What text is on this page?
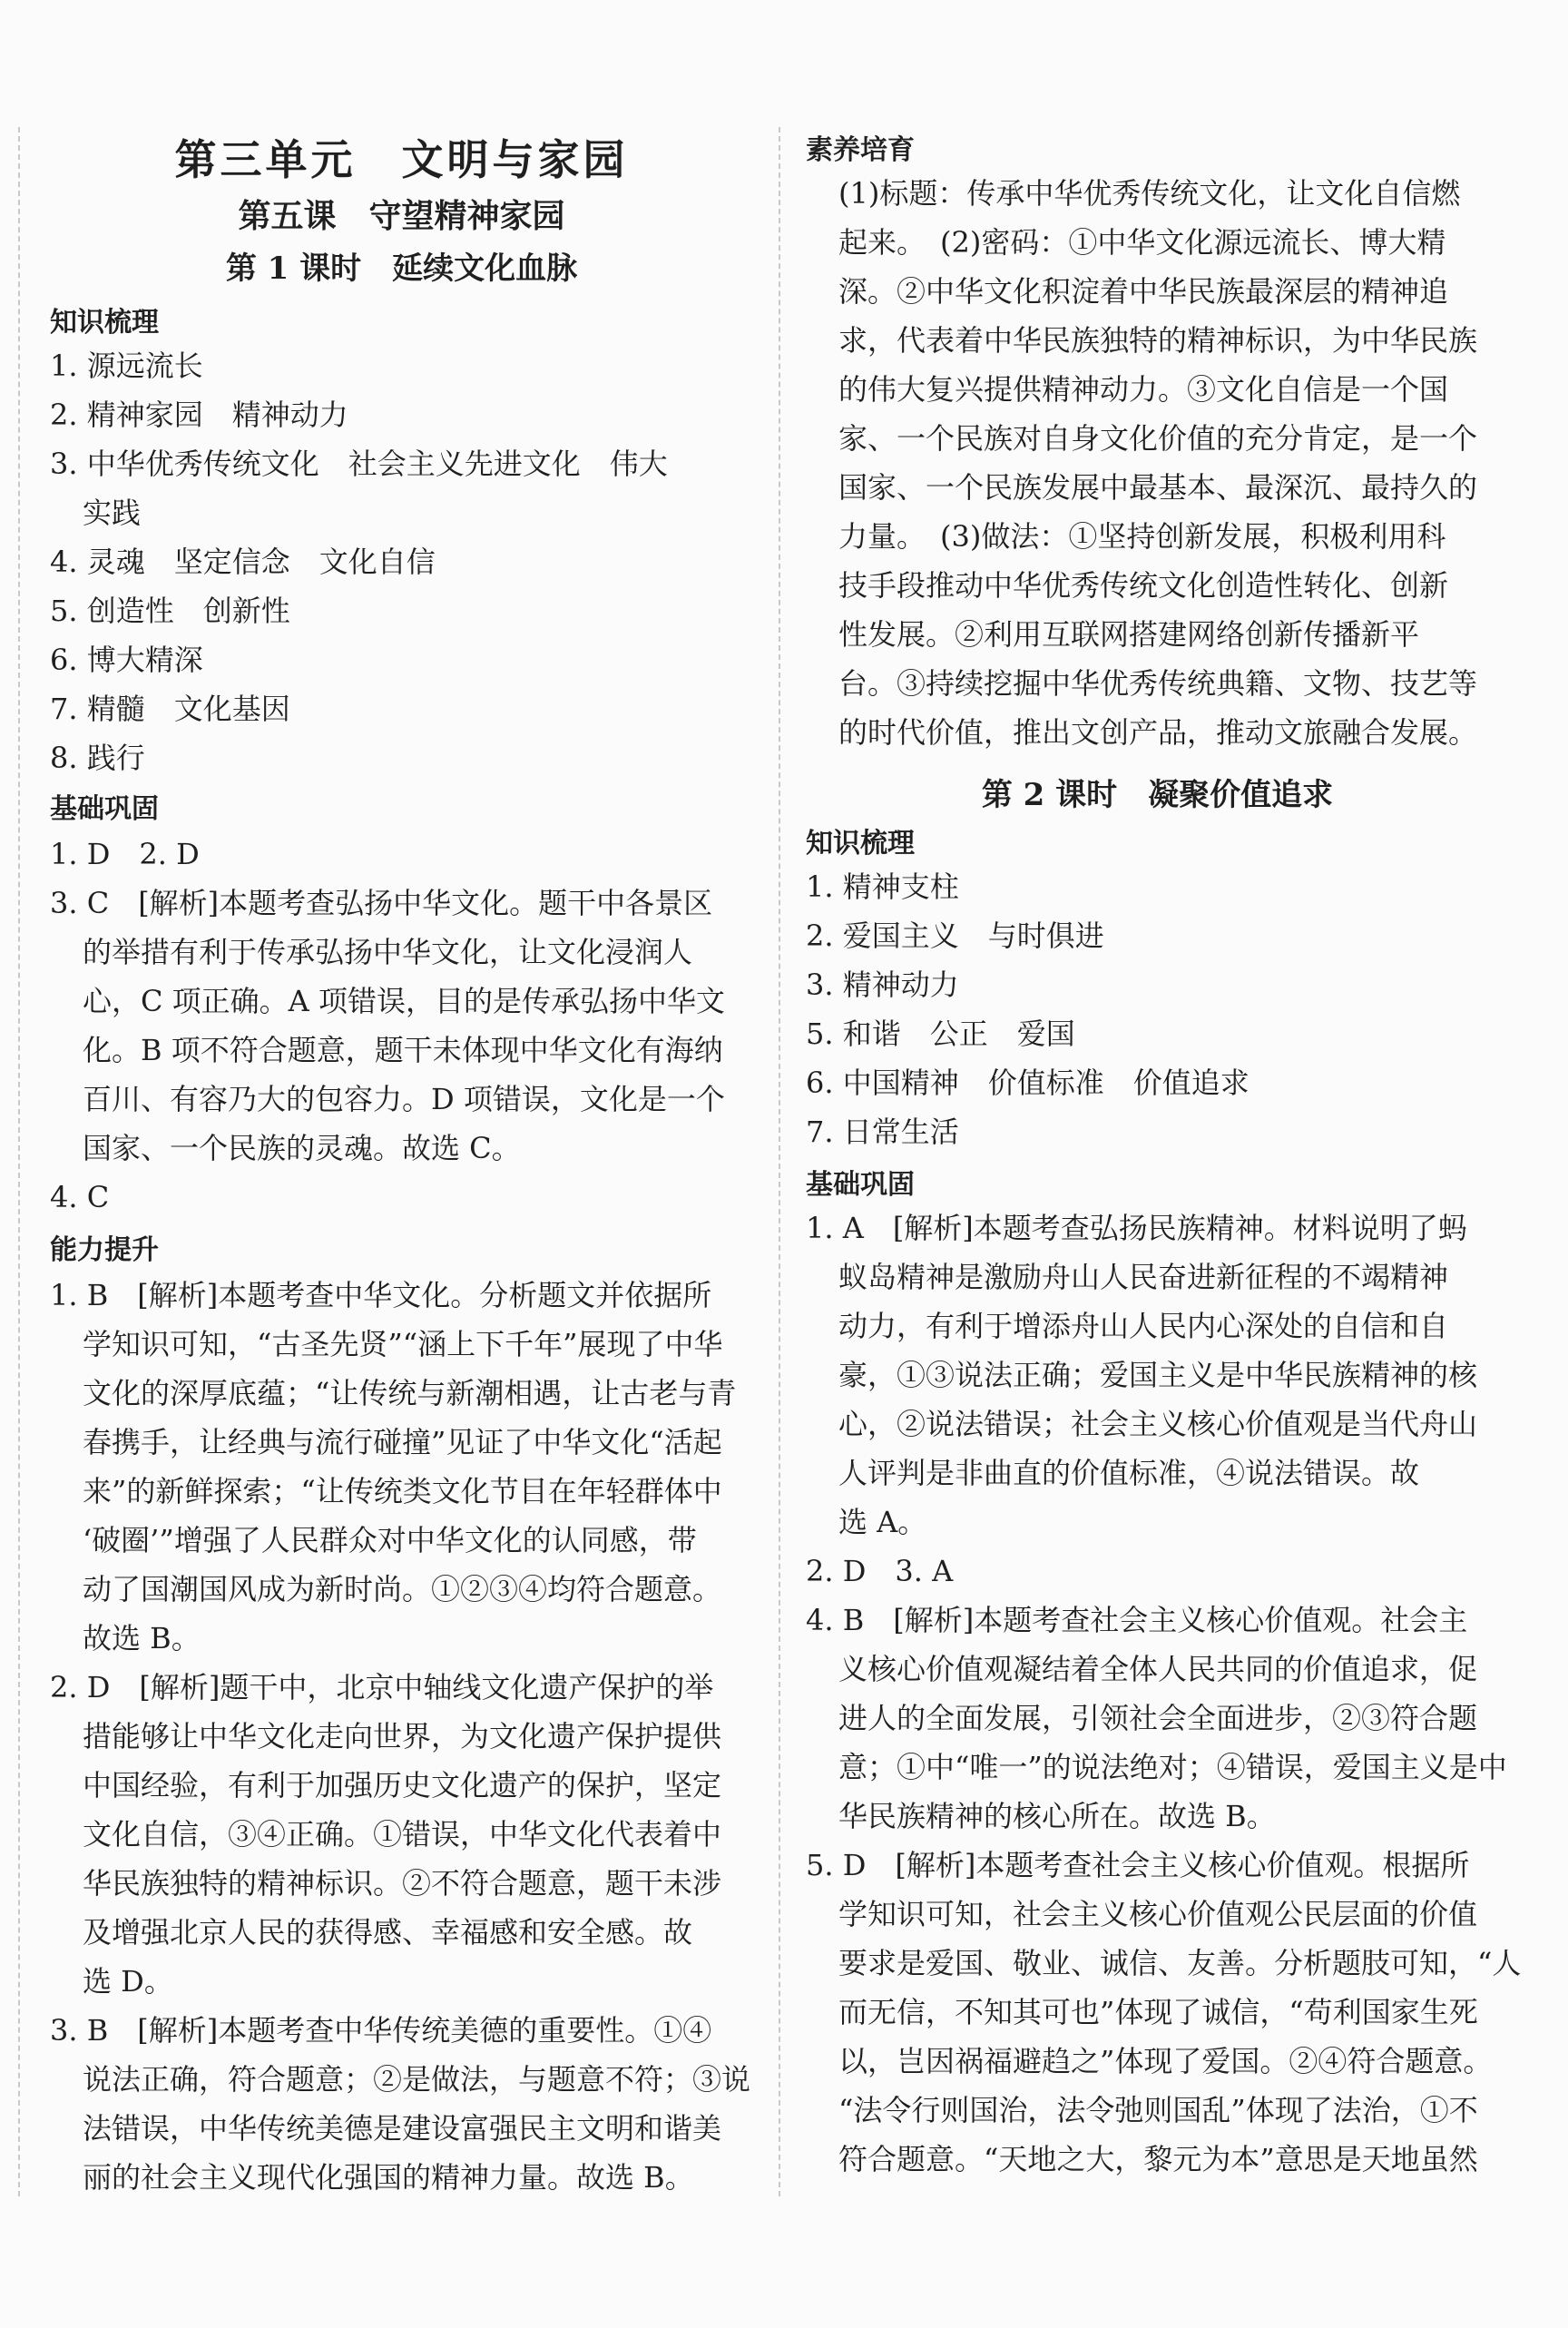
第三单元　文明与家园
第五课　守望精神家园
第 1 课时　延续文化血脉
知识梳理
1. 源远流长
2. 精神家园　精神动力
3. 中华优秀传统文化　社会主义先进文化　伟大
实践
4. 灵魂　坚定信念　文化自信
5. 创造性　创新性
6. 博大精深
7. 精髓　文化基因
8. 践行
基础巩固
1. D　2. D
3. C　[解析]本题考查弘扬中华文化。题干中各景区
的举措有利于传承弘扬中华文化，让文化浸润人
心，C 项正确。A 项错误，目的是传承弘扬中华文
化。B 项不符合题意，题干未体现中华文化有海纳
百川、有容乃大的包容力。D 项错误，文化是一个
国家、一个民族的灵魂。故选 C。
4. C
能力提升
1. B　[解析]本题考查中华文化。分析题文并依据所
学知识可知，“古圣先贤”“涵上下千年”展现了中华
文化的深厚底蕴；“让传统与新潮相遇，让古老与青
春携手，让经典与流行碰撞”见证了中华文化“活起
来”的新鲜探索；“让传统类文化节目在年轻群体中
‘破圈’”增强了人民群众对中华文化的认同感，带
动了国潮国风成为新时尚。①②③④均符合题意。
故选 B。
2. D　[解析]题干中，北京中轴线文化遗产保护的举
措能够让中华文化走向世界，为文化遗产保护提供
中国经验，有利于加强历史文化遗产的保护，坚定
文化自信，③④正确。①错误，中华文化代表着中
华民族独特的精神标识。②不符合题意，题干未涉
及增强北京人民的获得感、幸福感和安全感。故
选 D。
3. B　[解析]本题考查中华传统美德的重要性。①④
说法正确，符合题意；②是做法，与题意不符；③说
法错误，中华传统美德是建设富强民主文明和谐美
丽的社会主义现代化强国的精神力量。故选 B。
素养培育
(1)标题：传承中华优秀传统文化，让文化自信燃
起来。　(2)密码：①中华文化源远流长、博大精
深。②中华文化积淀着中华民族最深层的精神追
求，代表着中华民族独特的精神标识，为中华民族
的伟大复兴提供精神动力。③文化自信是一个国
家、一个民族对自身文化价值的充分肯定，是一个
国家、一个民族发展中最基本、最深沉、最持久的
力量。　(3)做法：①坚持创新发展，积极利用科
技手段推动中华优秀传统文化创造性转化、创新
性发展。②利用互联网搭建网络创新传播新平
台。③持续挖掘中华优秀传统典籍、文物、技艺等
的时代价值，推出文创产品，推动文旅融合发展。
第 2 课时　凝聚价值追求
知识梳理
1. 精神支柱
2. 爱国主义　与时俱进
3. 精神动力
5. 和谐　公正　爱国
6. 中国精神　价值标准　价值追求
7. 日常生活
基础巩固
1. A　[解析]本题考查弘扬民族精神。材料说明了蚂
蚁岛精神是激励舟山人民奋进新征程的不竭精神
动力，有利于增添舟山人民内心深处的自信和自
豪，①③说法正确；爱国主义是中华民族精神的核
心，②说法错误；社会主义核心价值观是当代舟山
人评判是非曲直的价值标准，④说法错误。故
选 A。
2. D　3. A
4. B　[解析]本题考查社会主义核心价值观。社会主
义核心价值观凝结着全体人民共同的价值追求，促
进人的全面发展，引领社会全面进步，②③符合题
意；①中“唯一”的说法绝对；④错误，爱国主义是中
华民族精神的核心所在。故选 B。
5. D　[解析]本题考查社会主义核心价值观。根据所
学知识可知，社会主义核心价值观公民层面的价值
要求是爱国、敬业、诚信、友善。分析题肢可知，“人
而无信，不知其可也”体现了诚信，“苟利国家生死
以，岂因祸福避趋之”体现了爱国。②④符合题意。
“法令行则国治，法令弛则国乱”体现了法治，①不
符合题意。“天地之大，黎元为本”意思是天地虽然
